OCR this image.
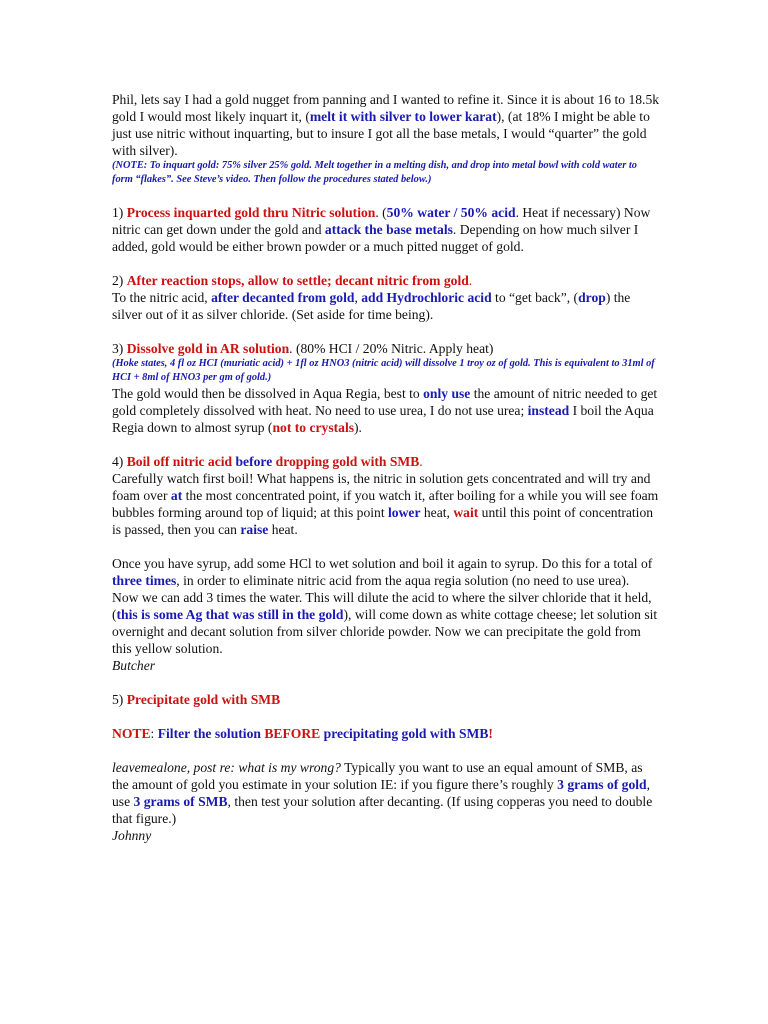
Phil, lets say I had a gold nugget from panning and I wanted to refine it. Since it is about 16 to 18.5k gold I would most likely inquart it, (melt it with silver to lower karat), (at 18% I might be able to just use nitric without inquarting, but to insure I got all the base metals, I would “quarter” the gold with silver).

(NOTE: To inquart gold: 75% silver 25% gold. Melt together in a melting dish, and drop into metal bowl with cold water to form “flakes”. See Steve’s video. Then follow the procedures stated below.)

1) Process inquarted gold thru Nitric solution. (50% water / 50% acid. Heat if necessary) Now nitric can get down under the gold and attack the base metals. Depending on how much silver I added, gold would be either brown powder or a much pitted nugget of gold.

2) After reaction stops, allow to settle; decant nitric from gold.

To the nitric acid, after decanted from gold, add Hydrochloric acid to “get back”, (drop) the silver out of it as silver chloride. (Set aside for time being).

3) Dissolve gold in AR solution. (80% HCI / 20% Nitric. Apply heat)

(Hoke states, 4 fl oz HCI (muriatic acid) + 1fl oz HNO3 (nitric acid) will dissolve 1 troy oz of gold. This is equivalent to 31ml of HCI + 8ml of HNO3 per gm of gold.)

The gold would then be dissolved in Aqua Regia, best to only use the amount of nitric needed to get gold completely dissolved with heat. No need to use urea, I do not use urea; instead I boil the Aqua Regia down to almost syrup (not to crystals).

4) Boil off nitric acid before dropping gold with SMB.

Carefully watch first boil! What happens is, the nitric in solution gets concentrated and will try and foam over at the most concentrated point, if you watch it, after boiling for a while you will see foam bubbles forming around top of liquid; at this point lower heat, wait until this point of concentration is passed, then you can raise heat.

Once you have syrup, add some HCl to wet solution and boil it again to syrup. Do this for a total of three times, in order to eliminate nitric acid from the aqua regia solution (no need to use urea).

Now we can add 3 times the water. This will dilute the acid to where the silver chloride that it held, (this is some Ag that was still in the gold), will come down as white cottage cheese; let solution sit overnight and decant solution from silver chloride powder. Now we can precipitate the gold from this yellow solution.

Butcher

5) Precipitate gold with SMB

NOTE: Filter the solution BEFORE precipitating gold with SMB!

leavemealone, post re: what is my wrong? Typically you want to use an equal amount of SMB, as the amount of gold you estimate in your solution IE: if you figure there’s roughly 3 grams of gold, use 3 grams of SMB, then test your solution after decanting. (If using copperas you need to double that figure.)

Johnny
